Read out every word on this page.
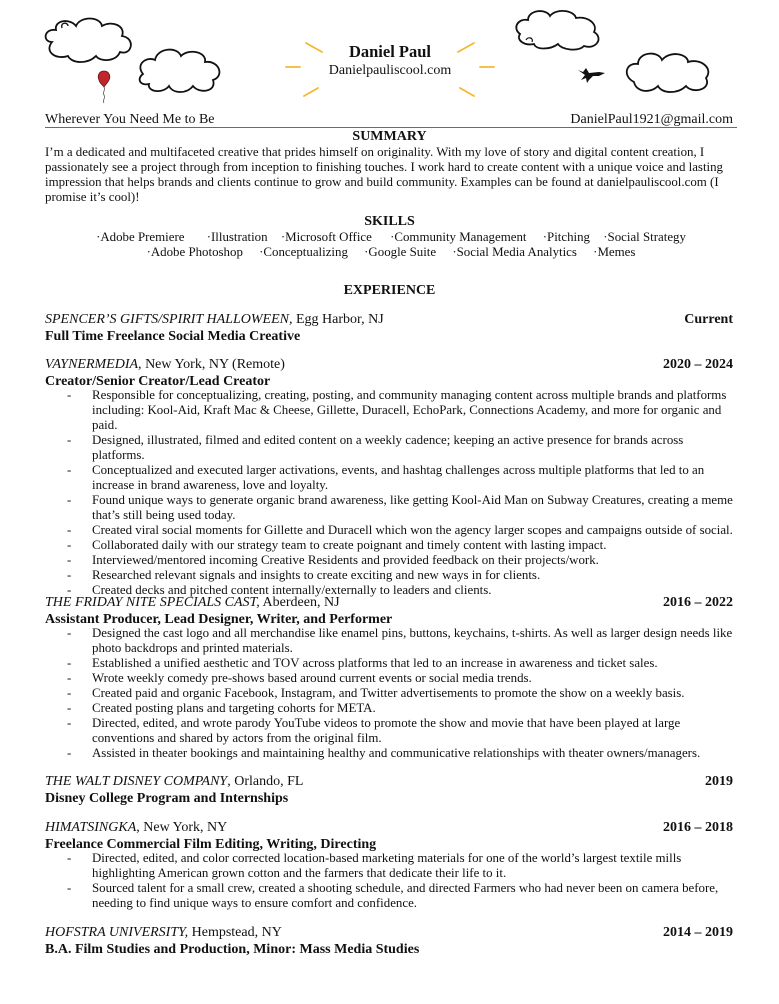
Daniel Paul
Danielpauliscool.com
Wherever You Need Me to Be	DanielPaul1921@gmail.com
SUMMARY
I’m a dedicated and multifaceted creative that prides himself on originality. With my love of story and digital content creation, I passionately see a project through from inception to finishing touches. I work hard to create content with a unique voice and lasting impression that helps brands and clients continue to grow and build community. Examples can be found at danielpauliscool.com (I promise it’s cool)!
SKILLS
·Adobe Premiere ·Illustration ·Microsoft Office ·Community Management ·Pitching ·Social Strategy
·Adobe Photoshop ·Conceptualizing ·Google Suite ·Social Media Analytics ·Memes
EXPERIENCE
SPENCER’S GIFTS/SPIRIT HALLOWEEN, Egg Harbor, NJ	Current
Full Time Freelance Social Media Creative
VAYNERMEDIA, New York, NY (Remote)	2020 – 2024
Creator/Senior Creator/Lead Creator
- Responsible for conceptualizing, creating, posting, and community managing content across multiple brands and platforms including: Kool-Aid, Kraft Mac & Cheese, Gillette, Duracell, EchoPark, Connections Academy, and more for organic and paid.
- Designed, illustrated, filmed and edited content on a weekly cadence; keeping an active presence for brands across platforms.
- Conceptualized and executed larger activations, events, and hashtag challenges across multiple platforms that led to an increase in brand awareness, love and loyalty.
- Found unique ways to generate organic brand awareness, like getting Kool-Aid Man on Subway Creatures, creating a meme that’s still being used today.
- Created viral social moments for Gillette and Duracell which won the agency larger scopes and campaigns outside of social.
- Collaborated daily with our strategy team to create poignant and timely content with lasting impact.
- Interviewed/mentored incoming Creative Residents and provided feedback on their projects/work.
- Researched relevant signals and insights to create exciting and new ways in for clients.
- Created decks and pitched content internally/externally to leaders and clients.
THE FRIDAY NITE SPECIALS CAST, Aberdeen, NJ	2016 – 2022
Assistant Producer, Lead Designer, Writer, and Performer
- Designed the cast logo and all merchandise like enamel pins, buttons, keychains, t-shirts. As well as larger design needs like photo backdrops and printed materials.
- Established a unified aesthetic and TOV across platforms that led to an increase in awareness and ticket sales.
- Wrote weekly comedy pre-shows based around current events or social media trends.
- Created paid and organic Facebook, Instagram, and Twitter advertisements to promote the show on a weekly basis.
- Created posting plans and targeting cohorts for META.
- Directed, edited, and wrote parody YouTube videos to promote the show and movie that have been played at large conventions and shared by actors from the original film.
- Assisted in theater bookings and maintaining healthy and communicative relationships with theater owners/managers.
THE WALT DISNEY COMPANY, Orlando, FL	2019
Disney College Program and Internships
HIMATSINGKA, New York, NY	2016 – 2018
Freelance Commercial Film Editing, Writing, Directing
- Directed, edited, and color corrected location-based marketing materials for one of the world’s largest textile mills highlighting American grown cotton and the farmers that dedicate their life to it.
- Sourced talent for a small crew, created a shooting schedule, and directed Farmers who had never been on camera before, needing to find unique ways to ensure comfort and confidence.
HOFSTRA UNIVERSITY, Hempstead, NY	2014 – 2019
B.A. Film Studies and Production, Minor: Mass Media Studies
